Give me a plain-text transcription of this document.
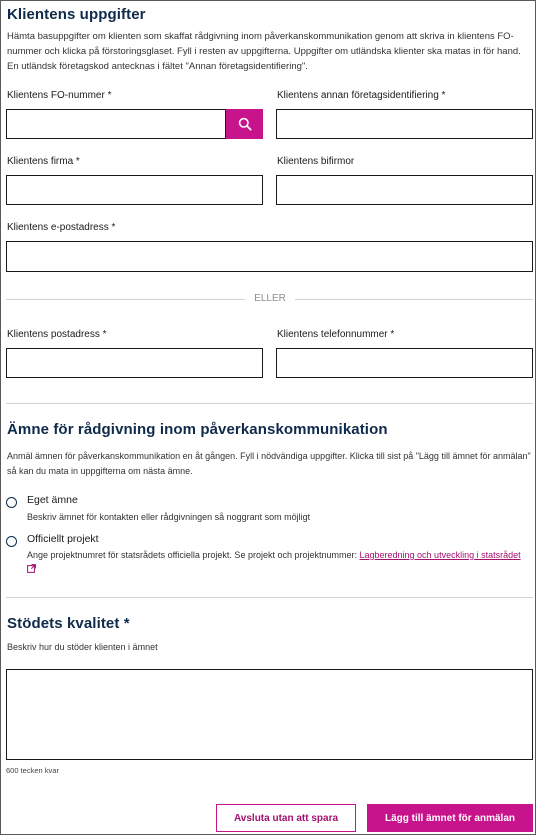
Klientens uppgifter

Hämta basuppgifter om klienten som skaffat rådgivning inom påverkanskommunikation genom att skriva in klientens FO-nummer och klicka på förstoringsglaset. Fyll i resten av uppgifterna. Uppgifter om utländska klienter ska matas in för hand. En utländsk företagskod antecknas i fältet "Annan företagsidentifiering".

Klientens FO-nummer *	Klientens annan företagsidentifiering *
Klientens firma *	Klientens bifirmor
Klientens e-postadress *
ELLER
Klientens postadress *	Klientens telefonnummer *
Ämne för rådgivning inom påverkanskommunikation

Anmäl ämnen för påverkanskommunikation en åt gången. Fyll i nödvändiga uppgifter. Klicka till sist på "Lägg till ämnet för anmälan" så kan du mata in uppgifterna om nästa ämne.

Eget ämne
Beskriv ämnet för kontakten eller rådgivningen så noggrant som möjligt
Officiellt projekt
Ange projektnumret för statsrådets officiella projekt. Se projekt och projektnummer: Lagberedning och utveckling i statsrådet
Stödets kvalitet *
Beskriv hur du stöder klienten i ämnet
600 tecken kvar
Avsluta utan att spara	Lägg till ämnet för anmälan
